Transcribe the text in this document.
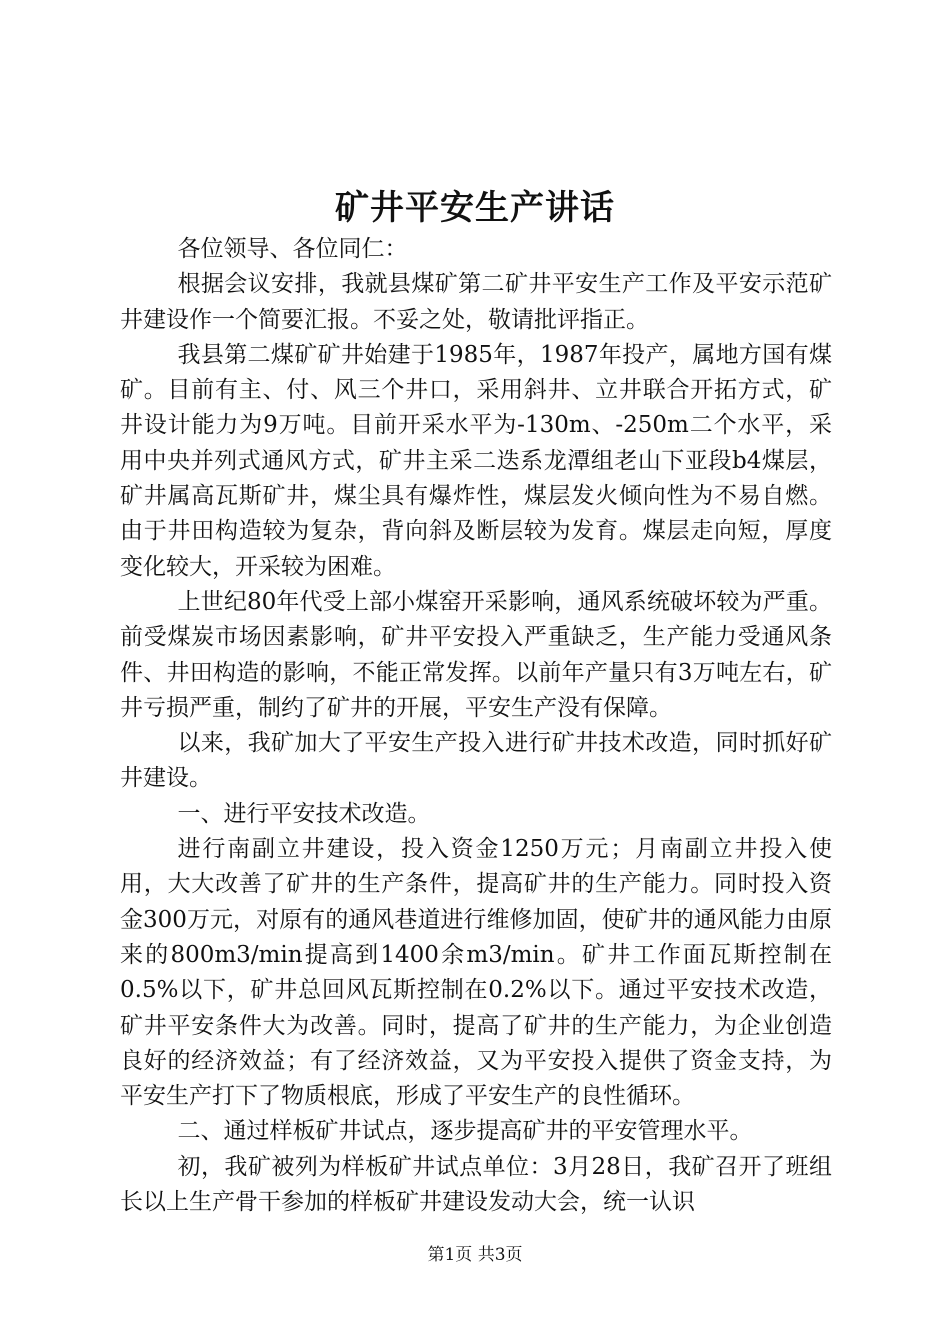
矿井平安生产讲话

各位领导、各位同仁：

根据会议安排，我就县煤矿第二矿井平安生产工作及平安示范矿井建设作一个简要汇报。不妥之处，敬请批评指正。

我县第二煤矿矿井始建于1985年，1987年投产，属地方国有煤矿。目前有主、付、风三个井口，采用斜井、立井联合开拓方式，矿井设计能力为9万吨。目前开采水平为-130m、-250m二个水平，采用中央并列式通风方式，矿井主采二迭系龙潭组老山下亚段b4煤层，矿井属高瓦斯矿井，煤尘具有爆炸性，煤层发火倾向性为不易自燃。由于井田构造较为复杂，背向斜及断层较为发育。煤层走向短，厚度变化较大，开采较为困难。

上世纪80年代受上部小煤窑开采影响，通风系统破坏较为严重。前受煤炭市场因素影响，矿井平安投入严重缺乏，生产能力受通风条件、井田构造的影响，不能正常发挥。以前年产量只有3万吨左右，矿井亏损严重，制约了矿井的开展，平安生产没有保障。

以来，我矿加大了平安生产投入进行矿井技术改造，同时抓好矿井建设。

一、进行平安技术改造。

进行南副立井建设，投入资金1250万元；月南副立井投入使用，大大改善了矿井的生产条件，提高矿井的生产能力。同时投入资金300万元，对原有的通风巷道进行维修加固，使矿井的通风能力由原来的800m3/min提高到1400余m3/min。矿井工作面瓦斯控制在0.5%以下，矿井总回风瓦斯控制在0.2%以下。通过平安技术改造，矿井平安条件大为改善。同时，提高了矿井的生产能力，为企业创造良好的经济效益；有了经济效益，又为平安投入提供了资金支持，为平安生产打下了物质根底，形成了平安生产的良性循环。

二、通过样板矿井试点，逐步提高矿井的平安管理水平。

初，我矿被列为样板矿井试点单位：3月28日，我矿召开了班组长以上生产骨干参加的样板矿井建设发动大会，统一认识

第1页 共3页
